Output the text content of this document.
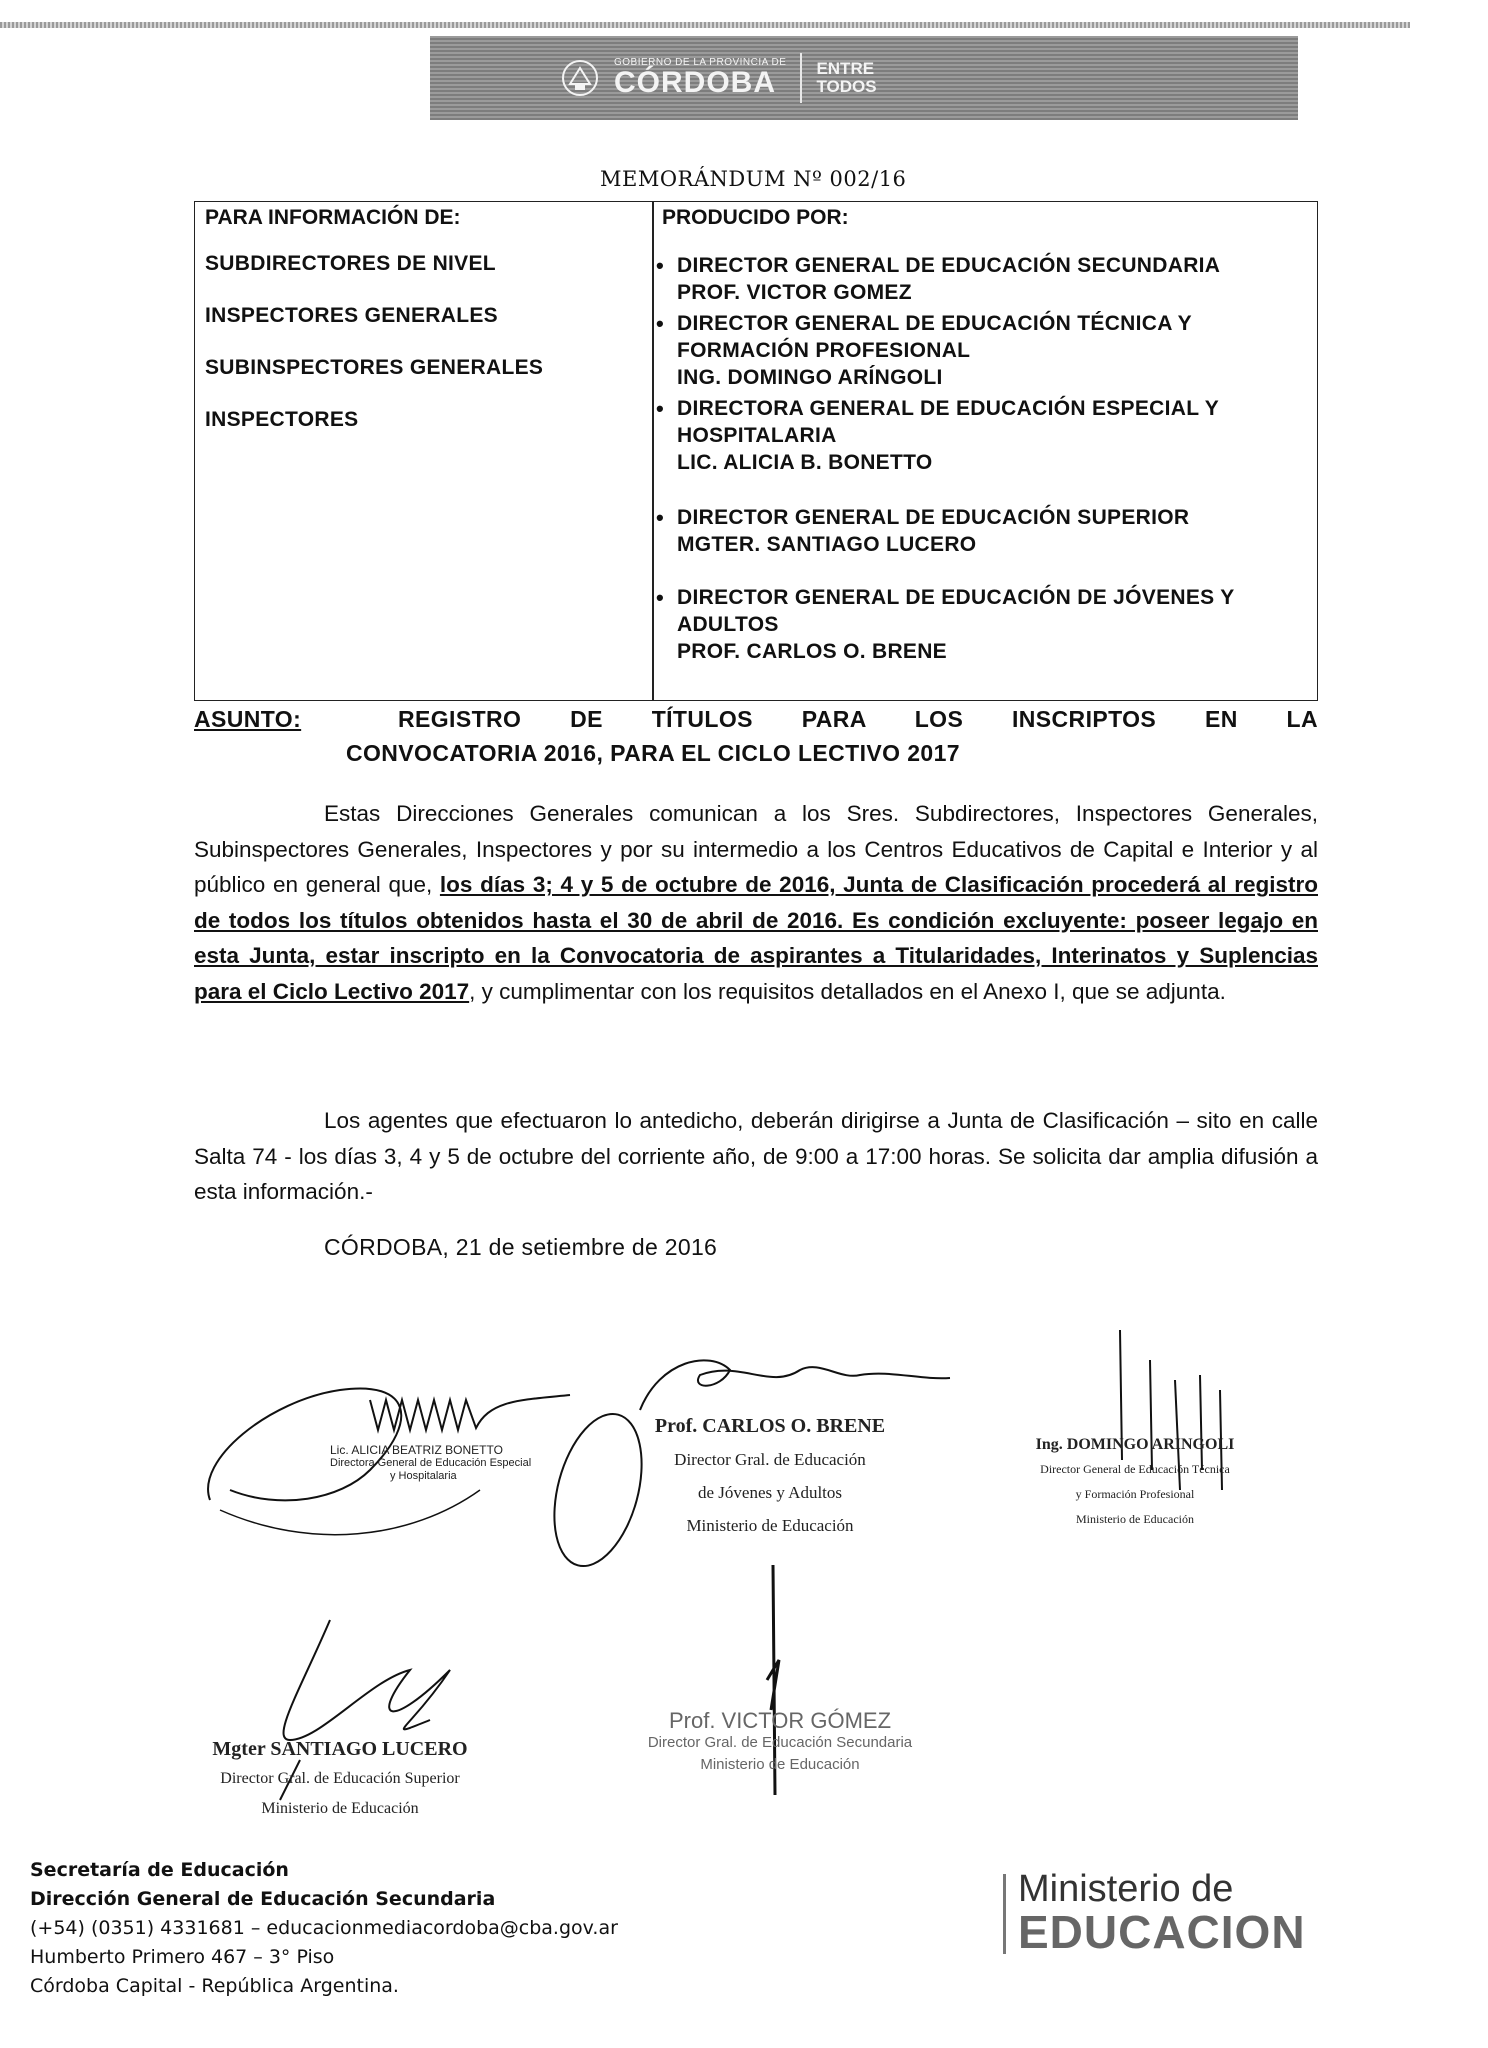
GOBIERNO DE LA PROVINCIA DE
CÓRDOBA	ENTRE
TODOS
MEMORÁNDUM Nº 002/16
PARA INFORMACIÓN DE:
SUBDIRECTORES DE NIVEL
INSPECTORES GENERALES
SUBINSPECTORES GENERALES
INSPECTORES
PRODUCIDO POR:
• DIRECTOR GENERAL DE EDUCACIÓN SECUNDARIA
PROF. VICTOR GOMEZ
• DIRECTOR GENERAL DE EDUCACIÓN TÉCNICA Y
FORMACIÓN PROFESIONAL
ING. DOMINGO ARÍNGOLI
• DIRECTORA GENERAL DE EDUCACIÓN ESPECIAL Y
HOSPITALARIA
LIC. ALICIA B. BONETTO
• DIRECTOR GENERAL DE EDUCACIÓN SUPERIOR
MGTER. SANTIAGO LUCERO
• DIRECTOR GENERAL DE EDUCACIÓN DE JÓVENES Y
ADULTOS
PROF. CARLOS O. BRENE
ASUNTO:	REGISTRO DE TÍTULOS PARA LOS INSCRIPTOS EN LA
CONVOCATORIA 2016, PARA EL CICLO LECTIVO 2017
Estas Direcciones Generales comunican a los Sres. Subdirectores, Inspectores Generales, Subinspectores Generales, Inspectores y por su intermedio a los Centros Educativos de Capital e Interior y al público en general que, los días 3; 4 y 5 de octubre de 2016, Junta de Clasificación procederá al registro de todos los títulos obtenidos hasta el 30 de abril de 2016. Es condición excluyente: poseer legajo en esta Junta, estar inscripto en la Convocatoria de aspirantes a Titularidades, Interinatos y Suplencias para el Ciclo Lectivo 2017, y cumplimentar con los requisitos detallados en el Anexo I, que se adjunta.
Los agentes que efectuaron lo antedicho, deberán dirigirse a Junta de Clasificación – sito en calle Salta 74 - los días 3, 4 y 5 de octubre del corriente año, de 9:00 a 17:00 horas. Se solicita dar amplia difusión a esta información.-
CÓRDOBA, 21 de setiembre de 2016
Lic. ALICIA BEATRIZ BONETTO
Directora General de Educación Especial
y Hospitalaria
Prof. CARLOS O. BRENE
Director Gral. de Educación
de Jóvenes y Adultos
Ministerio de Educación
Ing. DOMINGO ARINGOLI
Director General de Educación Técnica
y Formación Profesional
Ministerio de Educación
Mgter SANTIAGO LUCERO
Director Gral. de Educación Superior
Ministerio de Educación
Prof. VICTOR GÓMEZ
Director Gral. de Educación Secundaria
Ministerio de Educación
Secretaría de Educación
Dirección General de Educación Secundaria
(+54) (0351) 4331681 – educacionmediacordoba@cba.gov.ar
Humberto Primero 467 – 3° Piso
Córdoba Capital - República Argentina.
Ministerio de
EDUCACION
